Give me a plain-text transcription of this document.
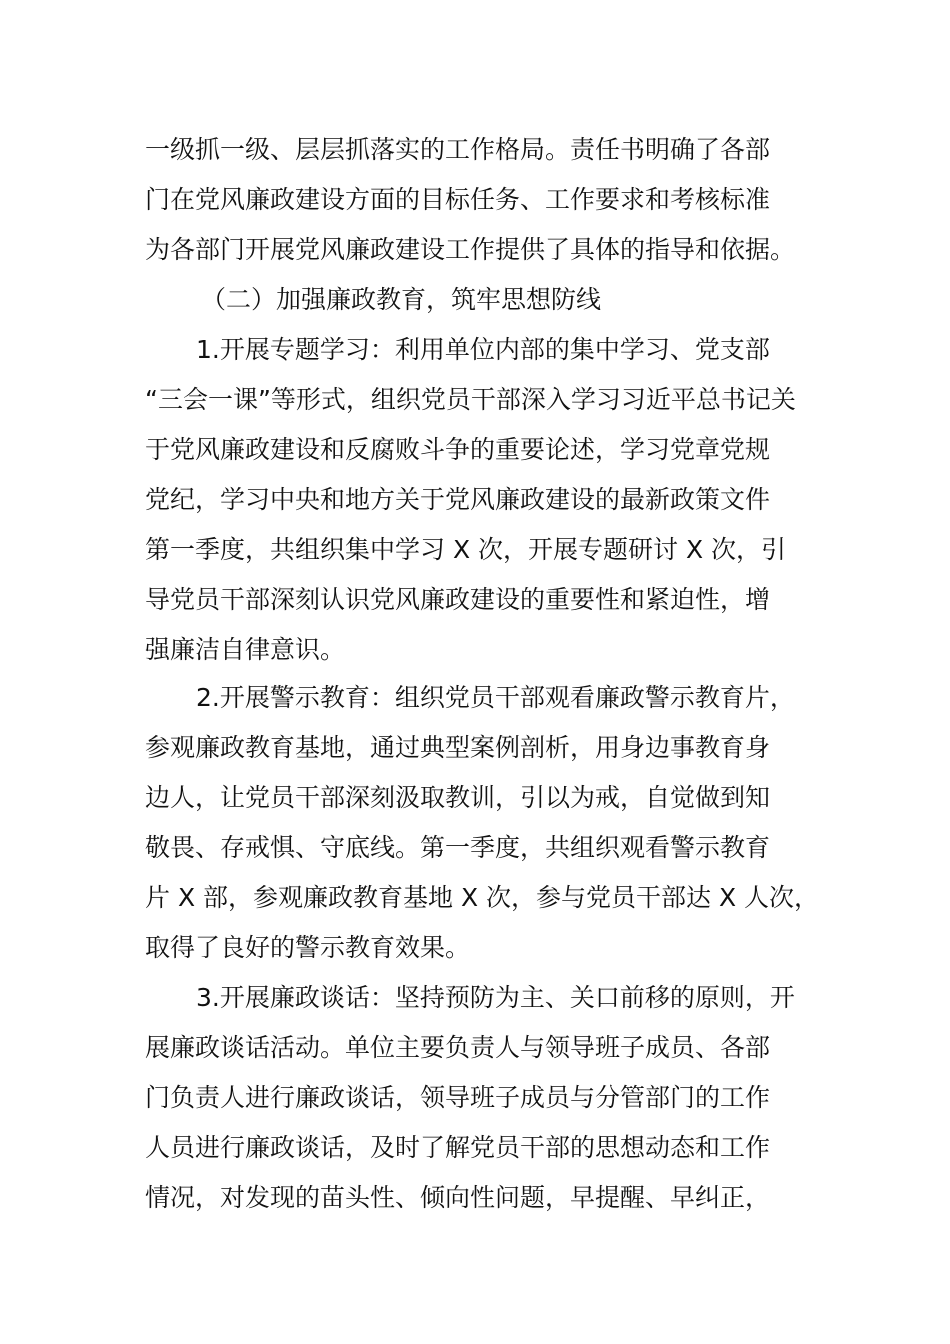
一级抓一级、层层抓落实的工作格局。责任书明确了各部
门在党风廉政建设方面的目标任务、工作要求和考核标准
为各部门开展党风廉政建设工作提供了具体的指导和依据。
（二）加强廉政教育，筑牢思想防线
1.开展专题学习：利用单位内部的集中学习、党支部
“三会一课”等形式，组织党员干部深入学习习近平总书记关
于党风廉政建设和反腐败斗争的重要论述，学习党章党规
党纪，学习中央和地方关于党风廉政建设的最新政策文件
第一季度，共组织集中学习 X 次，开展专题研讨 X 次，引
导党员干部深刻认识党风廉政建设的重要性和紧迫性，增
强廉洁自律意识。
2.开展警示教育：组织党员干部观看廉政警示教育片，
参观廉政教育基地，通过典型案例剖析，用身边事教育身
边人，让党员干部深刻汲取教训，引以为戒，自觉做到知
敬畏、存戒惧、守底线。第一季度，共组织观看警示教育
片 X 部，参观廉政教育基地 X 次，参与党员干部达 X 人次，
取得了良好的警示教育效果。
3.开展廉政谈话：坚持预防为主、关口前移的原则，开
展廉政谈话活动。单位主要负责人与领导班子成员、各部
门负责人进行廉政谈话，领导班子成员与分管部门的工作
人员进行廉政谈话，及时了解党员干部的思想动态和工作
情况，对发现的苗头性、倾向性问题，早提醒、早纠正，
